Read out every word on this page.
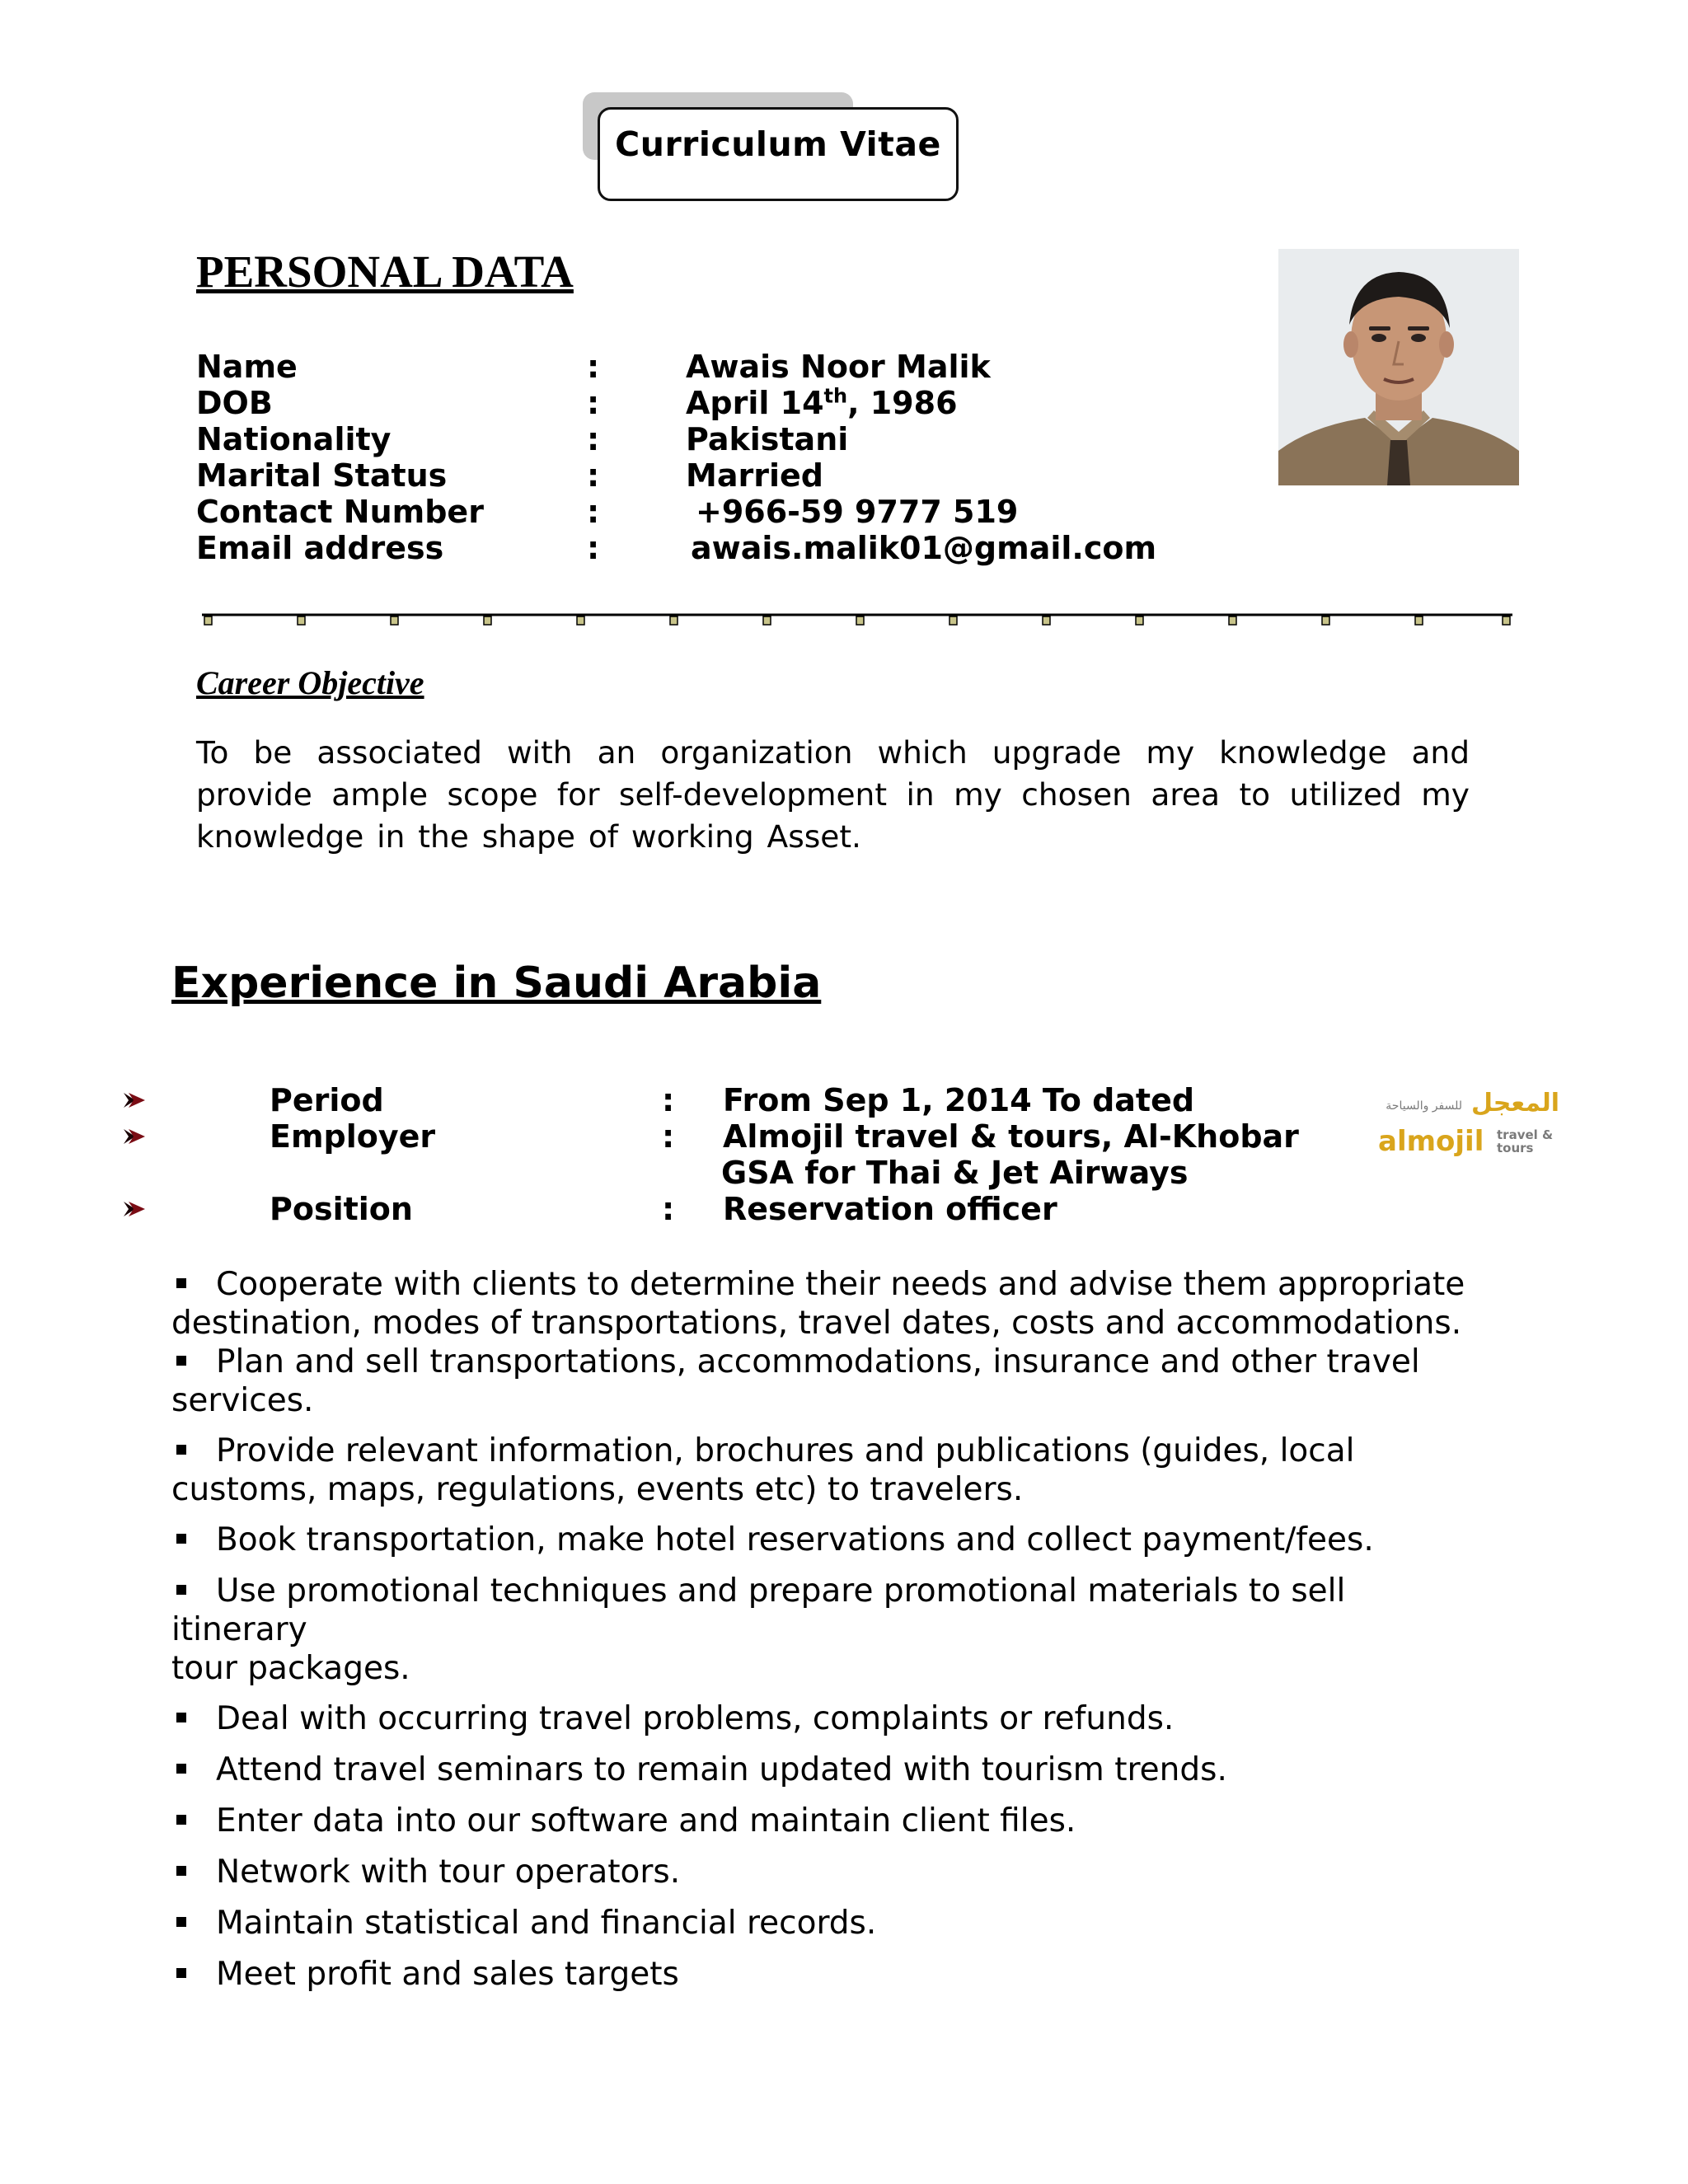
Curriculum Vitae
PERSONAL DATA
Name	:	Awais Noor Malik
DOB	:	April 14th, 1986
Nationality	:	Pakistani
Marital Status	:	Married
Contact Number	:	+966-59 9777 519
Email address	:	awais.malik01@gmail.com
Career Objective
To be associated with an organization which upgrade my knowledge and provide ample scope for self-development in my chosen area to utilized my knowledge in the shape of working Asset.
Experience in Saudi Arabia
Period	: From Sep 1, 2014 To dated
Employer	: Almojil travel & tours, Al-Khobar
GSA for Thai & Jet Airways
Position	: Reservation officer
المعجل
للسفر والسياحة
almojil travel &
tours
Cooperate with clients to determine their needs and advise them appropriate
destination, modes of transportations, travel dates, costs and accommodations.
Plan and sell transportations, accommodations, insurance and other travel
services.
Provide relevant information, brochures and publications (guides, local
customs, maps, regulations, events etc) to travelers.
Book transportation, make hotel reservations and collect payment/fees.
Use promotional techniques and prepare promotional materials to sell itinerary
tour packages.
Deal with occurring travel problems, complaints or refunds.
Attend travel seminars to remain updated with tourism trends.
Enter data into our software and maintain client files.
Network with tour operators.
Maintain statistical and financial records.
Meet profit and sales targets
